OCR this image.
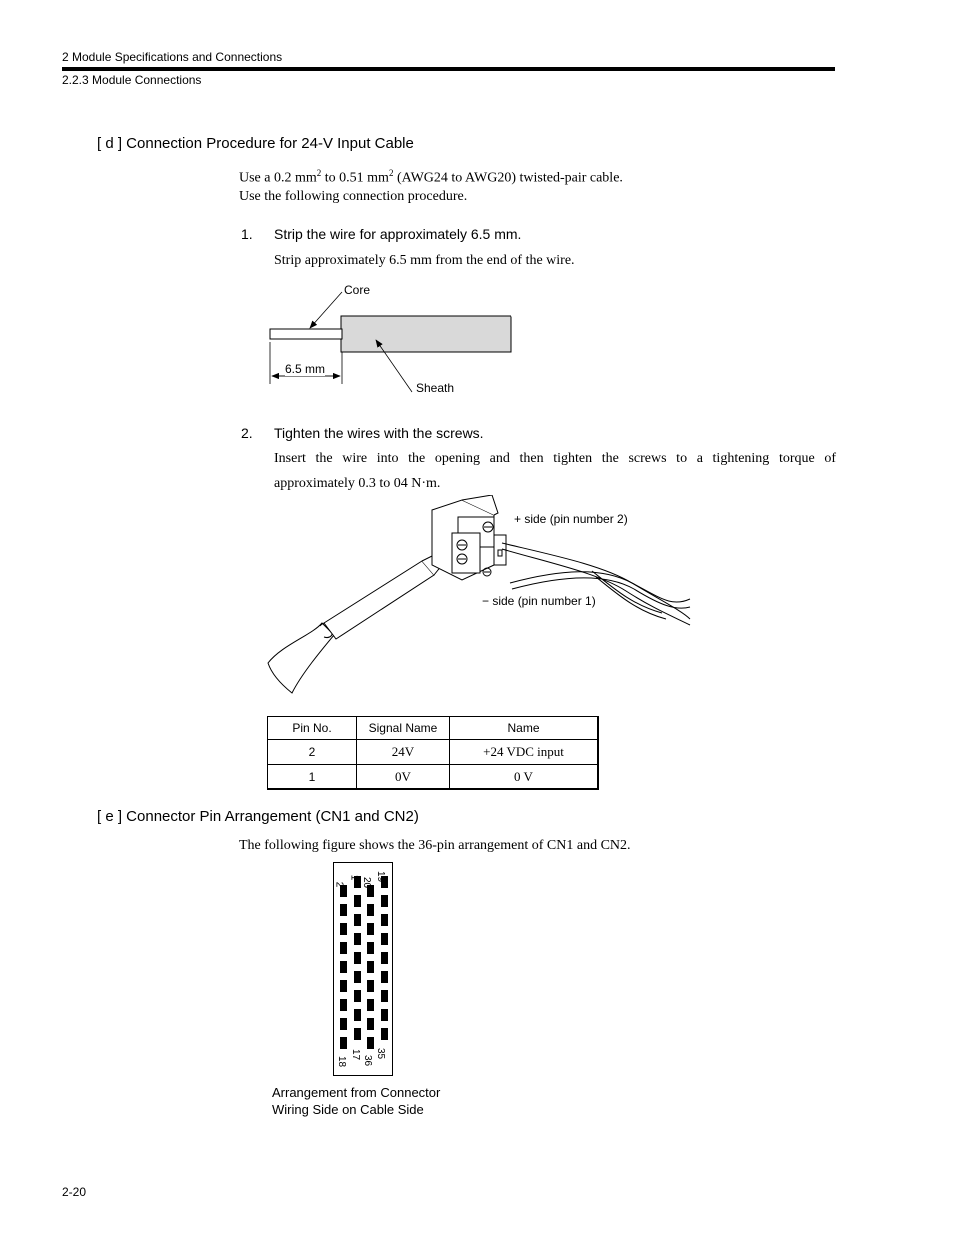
2 Module Specifications and Connections
2.2.3 Module Connections
[ d ] Connection Procedure for 24-V Input Cable
Use a 0.2 $mm^2$ to 0.51 $mm^2$ (AWG24 to AWG20) twisted-pair cable.
Use the following connection procedure.
1. Strip the wire for approximately 6.5 mm.
Strip approximately 6.5 mm from the end of the wire.
Core
6.5 mm
Sheath
2. Tighten the wires with the screws.
Insert the wire into the opening and then tighten the screws to a tightening torque of
approximately 0.3 to 04 N·m.
+ side (pin number 2)
− side (pin number 1)
Pin No.	Signal Name	Name
2	24V	+24 VDC input
1	0V	0 V
[ e ] Connector Pin Arrangement (CN1 and CN2)
The following figure shows the 36-pin arrangement of CN1 and CN2.
2
1 20
19
18
17
36
35
Arrangement from Connector
Wiring Side on Cable Side
2-20
